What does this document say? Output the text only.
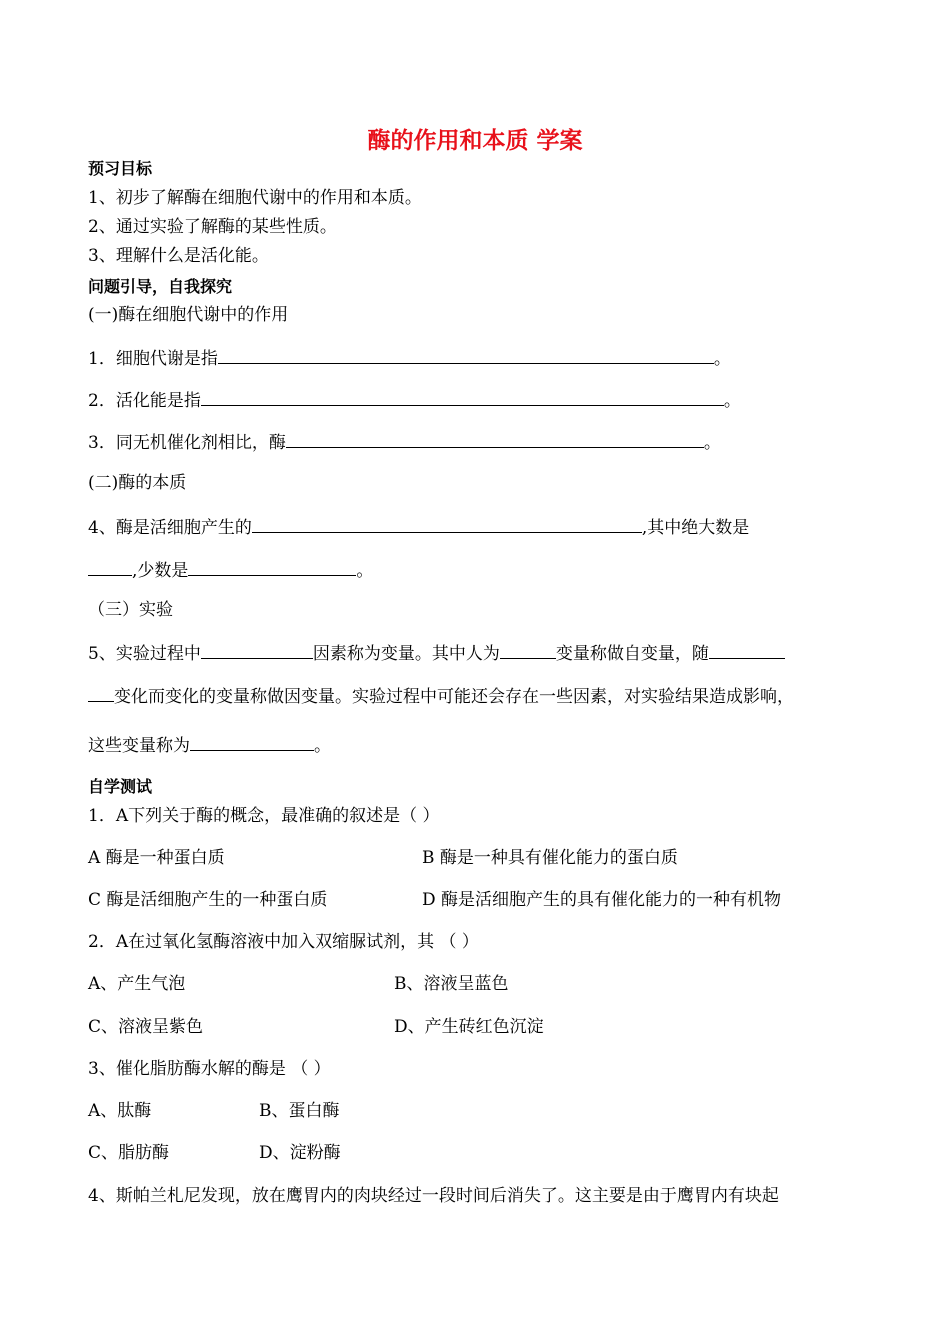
酶的作用和本质 学案
预习目标
1、初步了解酶在细胞代谢中的作用和本质。
2、通过实验了解酶的某些性质。
3、理解什么是活化能。
问题引导，自我探究
(一)酶在细胞代谢中的作用
1．细胞代谢是指	。
2．活化能是指	。
3．同无机催化剂相比，酶	。
(二)酶的本质
4、酶是活细胞产生的	,其中绝大数是
,少数是	。
（三）实验
5、实验过程中	因素称为变量。其中人为	变量称做自变量，随
变化而变化的变量称做因变量。实验过程中可能还会存在一些因素，对实验结果造成影响，
这些变量称为	。
自学测试
1．A下列关于酶的概念，最准确的叙述是（ ）
A 酶是一种蛋白质	B 酶是一种具有催化能力的蛋白质
C 酶是活细胞产生的一种蛋白质	D 酶是活细胞产生的具有催化能力的一种有机物
2．A在过氧化氢酶溶液中加入双缩脲试剂，其 （ ）
A、产生气泡	B、溶液呈蓝色
C、溶液呈紫色	D、产生砖红色沉淀
3、催化脂肪酶水解的酶是 （ ）
A、肽酶	B、蛋白酶
C、脂肪酶	D、淀粉酶
4、斯帕兰札尼发现，放在鹰胃内的肉块经过一段时间后消失了。这主要是由于鹰胃内有块起
